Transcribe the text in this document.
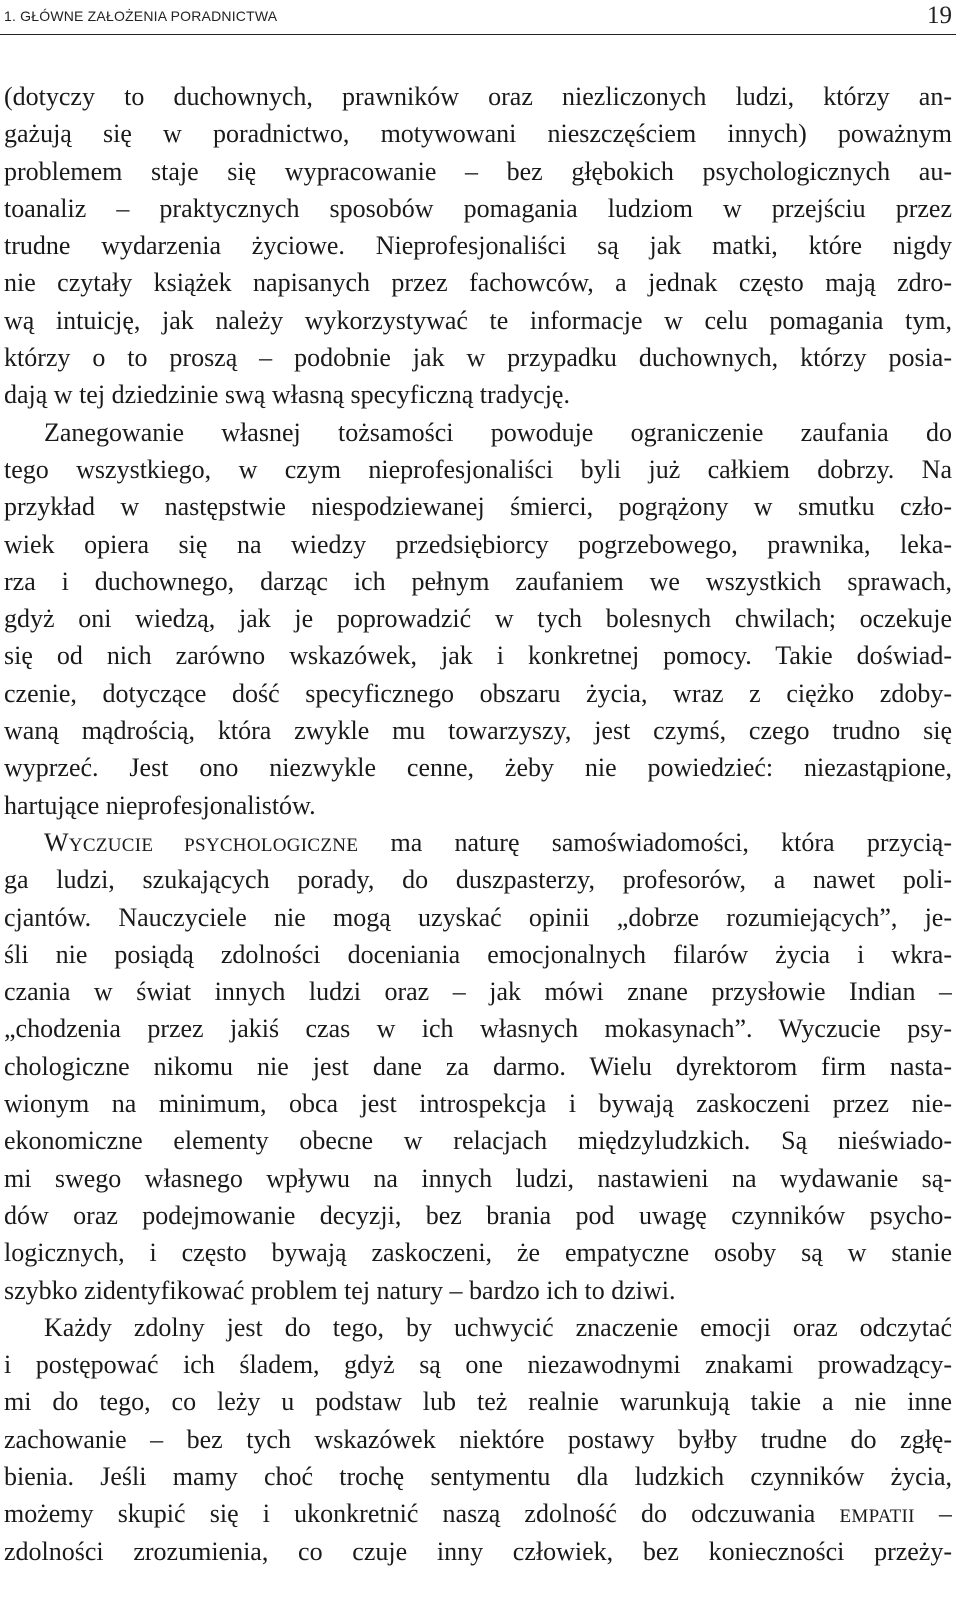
1. GŁÓWNE ZAŁOŻENIA PORADNICTWA	19
(dotyczy to duchownych, prawników oraz niezliczonych ludzi, którzy an-
gażują się w poradnictwo, motywowani nieszczęściem innych) poważnym
problemem staje się wypracowanie – bez głębokich psychologicznych au-
toanaliz – praktycznych sposobów pomagania ludziom w przejściu przez
trudne wydarzenia życiowe. Nieprofesjonaliści są jak matki, które nigdy
nie czytały książek napisanych przez fachowców, a jednak często mają zdro-
wą intuicję, jak należy wykorzystywać te informacje w celu pomagania tym,
którzy o to proszą – podobnie jak w przypadku duchownych, którzy posia-
dają w tej dziedzinie swą własną specyficzną tradycję.
Zanegowanie własnej tożsamości powoduje ograniczenie zaufania do
tego wszystkiego, w czym nieprofesjonaliści byli już całkiem dobrzy. Na
przykład w następstwie niespodziewanej śmierci, pogrążony w smutku czło-
wiek opiera się na wiedzy przedsiębiorcy pogrzebowego, prawnika, leka-
rza i duchownego, darząc ich pełnym zaufaniem we wszystkich sprawach,
gdyż oni wiedzą, jak je poprowadzić w tych bolesnych chwilach; oczekuje
się od nich zarówno wskazówek, jak i konkretnej pomocy. Takie doświad-
czenie, dotyczące dość specyficznego obszaru życia, wraz z ciężko zdoby-
waną mądrością, która zwykle mu towarzyszy, jest czymś, czego trudno się
wyprzeć. Jest ono niezwykle cenne, żeby nie powiedzieć: niezastąpione,
hartujące nieprofesjonalistów.
WYCZUCIE PSYCHOLOGICZNE ma naturę samoświadomości, która przycią-
ga ludzi, szukających porady, do duszpasterzy, profesorów, a nawet poli-
cjantów. Nauczyciele nie mogą uzyskać opinii „dobrze rozumiejących”, je-
śli nie posiądą zdolności doceniania emocjonalnych filarów życia i wkra-
czania w świat innych ludzi oraz – jak mówi znane przysłowie Indian –
„chodzenia przez jakiś czas w ich własnych mokasynach”. Wyczucie psy-
chologiczne nikomu nie jest dane za darmo. Wielu dyrektorom firm nasta-
wionym na minimum, obca jest introspekcja i bywają zaskoczeni przez nie-
ekonomiczne elementy obecne w relacjach międzyludzkich. Są nieświado-
mi swego własnego wpływu na innych ludzi, nastawieni na wydawanie są-
dów oraz podejmowanie decyzji, bez brania pod uwagę czynników psycho-
logicznych, i często bywają zaskoczeni, że empatyczne osoby są w stanie
szybko zidentyfikować problem tej natury – bardzo ich to dziwi.
Każdy zdolny jest do tego, by uchwycić znaczenie emocji oraz odczytać
i postępować ich śladem, gdyż są one niezawodnymi znakami prowadzący-
mi do tego, co leży u podstaw lub też realnie warunkują takie a nie inne
zachowanie – bez tych wskazówek niektóre postawy byłby trudne do zgłę-
bienia. Jeśli mamy choć trochę sentymentu dla ludzkich czynników życia,
możemy skupić się i ukonkretnić naszą zdolność do odczuwania EMPATII –
zdolności zrozumienia, co czuje inny człowiek, bez konieczności przeży-
